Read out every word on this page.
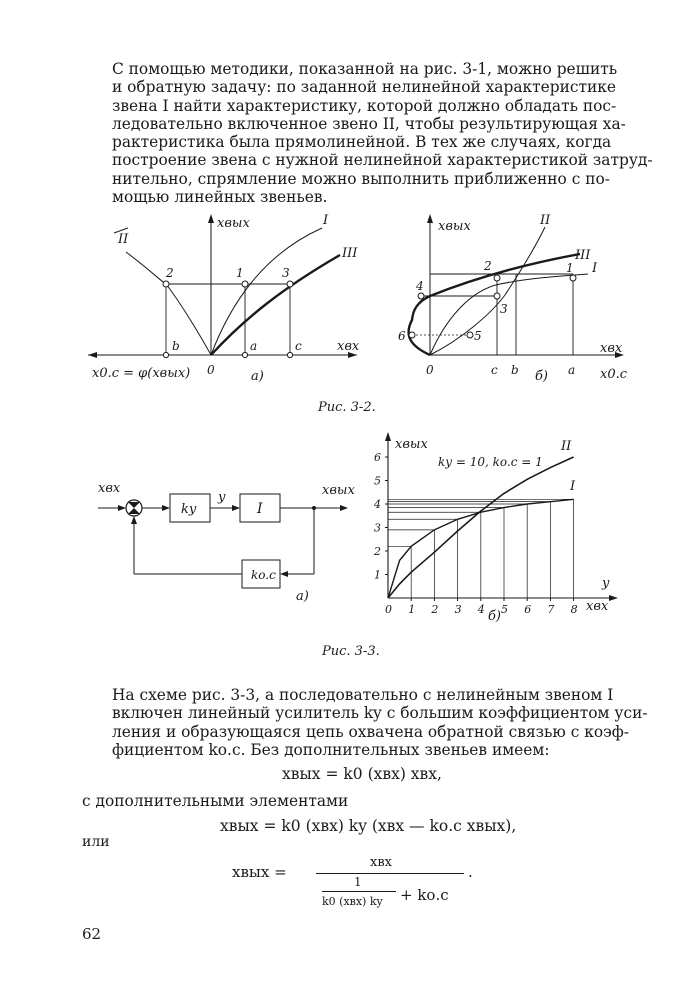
С помощью методики, показанной на рис. 3-1, можно решить
и обратную задачу: по заданной нелинейной характеристике
звена I найти характеристику, которой должно обладать пос-
ледовательно включенное звено II, чтобы результирующая ха-
рактеристика была прямолинейной. В тех же случаях, когда
построение звена с нужной нелинейной характеристикой затруд-
нительно, спрямление можно выполнить приближенно с по-
мощью линейных звеньев.
xвых
xвх
x0.c = φ(xвых)
I
II
III
1
2	3
b	a	c
0	а)
xвых
xвх
x0.c
I
II
III
1
2
3
4
5
6
c b	a
0	б)
Рис. 3-2.
xвх
ky
y
I
xвых
ko.c
а)
1
2
3
4
5
6
0 1 2 3 4 5 6 7 8
xвых
ky = 10, ko.c = 1
y
xвх
II
I
б)
Рис. 3-3.
На схеме рис. 3-3, а последовательно с нелинейным звеном I
включен линейный усилитель ky с большим коэффициентом уси-
ления и образующаяся цепь охвачена обратной связью с коэф-
фициентом kо.с. Без дополнительных звеньев имеем:
xвых = k0 (xвх) xвх,
с дополнительными элементами
xвых = k0 (xвх) ky (xвх — kо.с xвых),
или
xвых =
xвх
1
k0 (xвх) ky + kо.с
.
62
